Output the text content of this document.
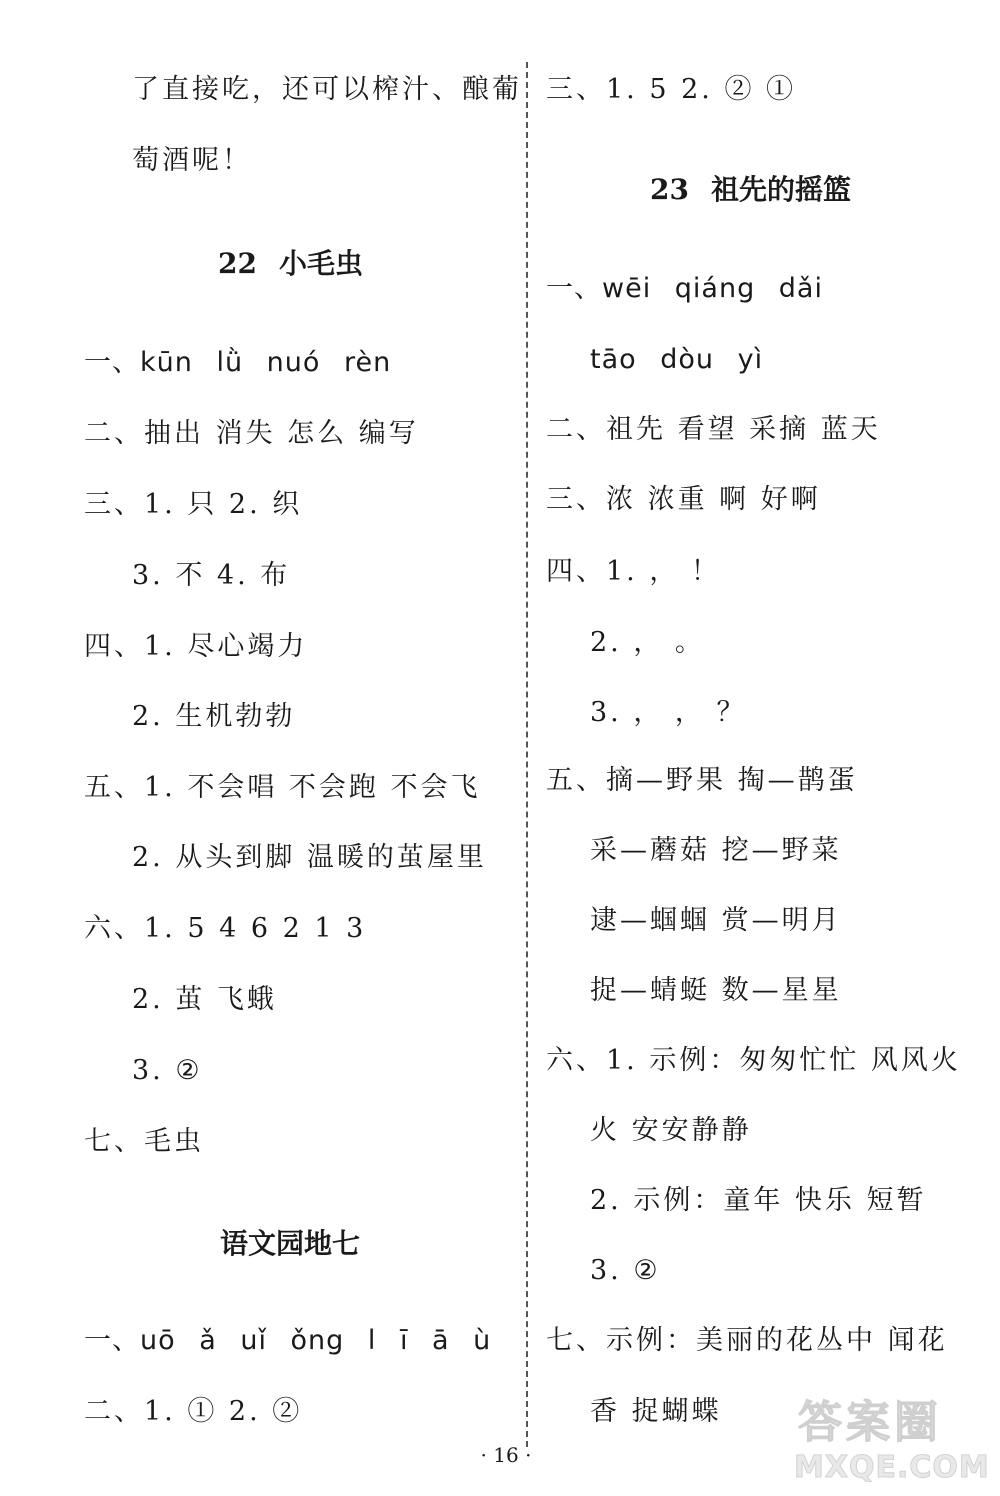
了直接吃，还可以榨汁、酿葡
萄酒呢！
22 小毛虫
一、kūn lǜ nuó rèn
二、抽出 消失 怎么 编写
三、1. 只 2. 织
3. 不 4. 布
四、1. 尽心竭力
2. 生机勃勃
五、1. 不会唱 不会跑 不会飞
2. 从头到脚 温暖的茧屋里
六、1. 5 4 6 2 1 3
2. 茧 飞蛾
3. ②
七、毛虫
语文园地七
一、uō ǎ uǐ ǒng l ī ā ù
二、1. ① 2. ②
三、1. 5 2. ② ①
23 祖先的摇篮
一、wēi qiáng dǎi
tāo dòu yì
二、祖先 看望 采摘 蓝天
三、浓 浓重 啊 好啊
四、1. ， ！
2. ， 。
3. ， ， ？
五、摘—野果 掏—鹊蛋
采—蘑菇 挖—野菜
逮—蝈蝈 赏—明月
捉—蜻蜓 数—星星
六、1. 示例：匆匆忙忙 风风火
火 安安静静
2. 示例：童年 快乐 短暂
3. ②
七、示例：美丽的花丛中 闻花
香 捉蝴蝶
· 16 ·
答案圈
MXQE.COM
